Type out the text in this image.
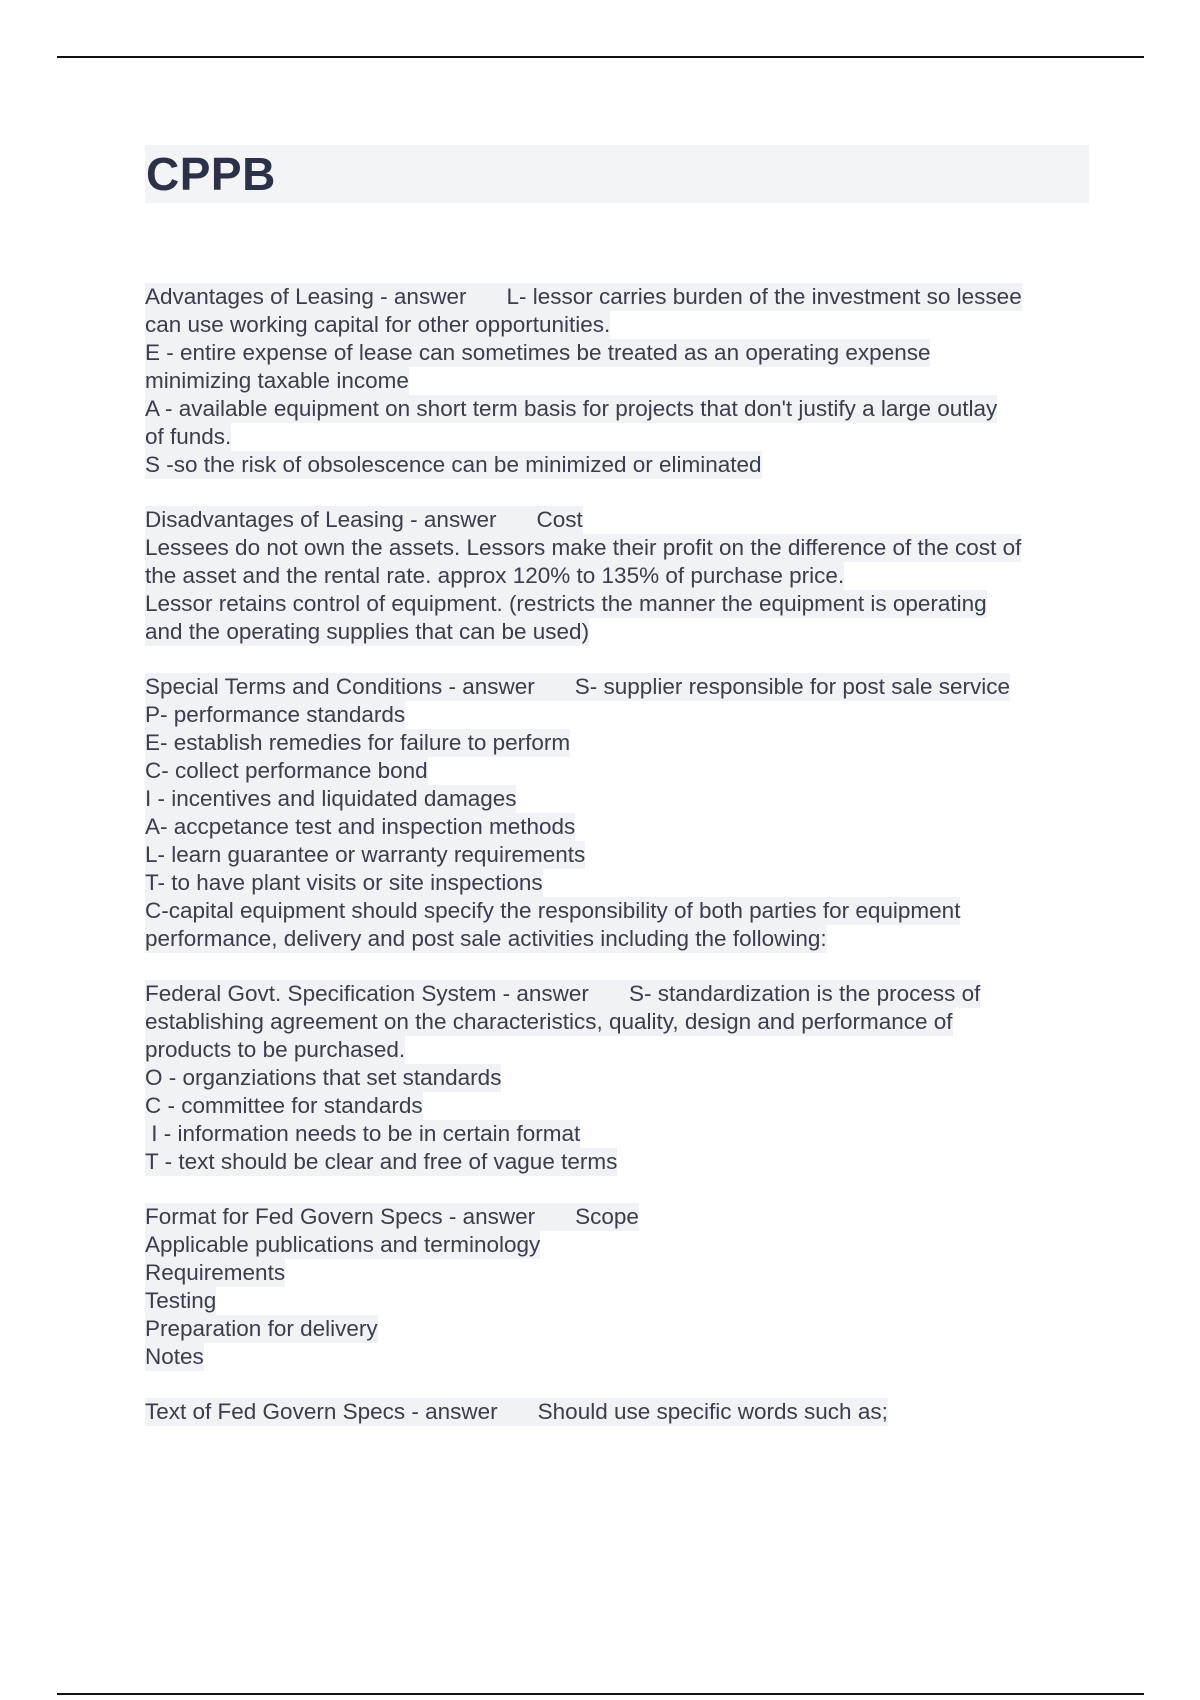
CPPB
Advantages of Leasing - answer L- lessor carries burden of the investment so lessee
can use working capital for other opportunities.
E - entire expense of lease can sometimes be treated as an operating expense
minimizing taxable income
A - available equipment on short term basis for projects that don't justify a large outlay
of funds.
S -so the risk of obsolescence can be minimized or eliminated
Disadvantages of Leasing - answer Cost
Lessees do not own the assets. Lessors make their profit on the difference of the cost of
the asset and the rental rate. approx 120% to 135% of purchase price.
Lessor retains control of equipment. (restricts the manner the equipment is operating
and the operating supplies that can be used)
Special Terms and Conditions - answer S- supplier responsible for post sale service
P- performance standards
E- establish remedies for failure to perform
C- collect performance bond
I - incentives and liquidated damages
A- accpetance test and inspection methods
L- learn guarantee or warranty requirements
T- to have plant visits or site inspections
C-capital equipment should specify the responsibility of both parties for equipment
performance, delivery and post sale activities including the following:
Federal Govt. Specification System - answer S- standardization is the process of
establishing agreement on the characteristics, quality, design and performance of
products to be purchased.
O - organziations that set standards
C - committee for standards
I - information needs to be in certain format
T - text should be clear and free of vague terms
Format for Fed Govern Specs - answer Scope
Applicable publications and terminology
Requirements
Testing
Preparation for delivery
Notes
Text of Fed Govern Specs - answer Should use specific words such as;
